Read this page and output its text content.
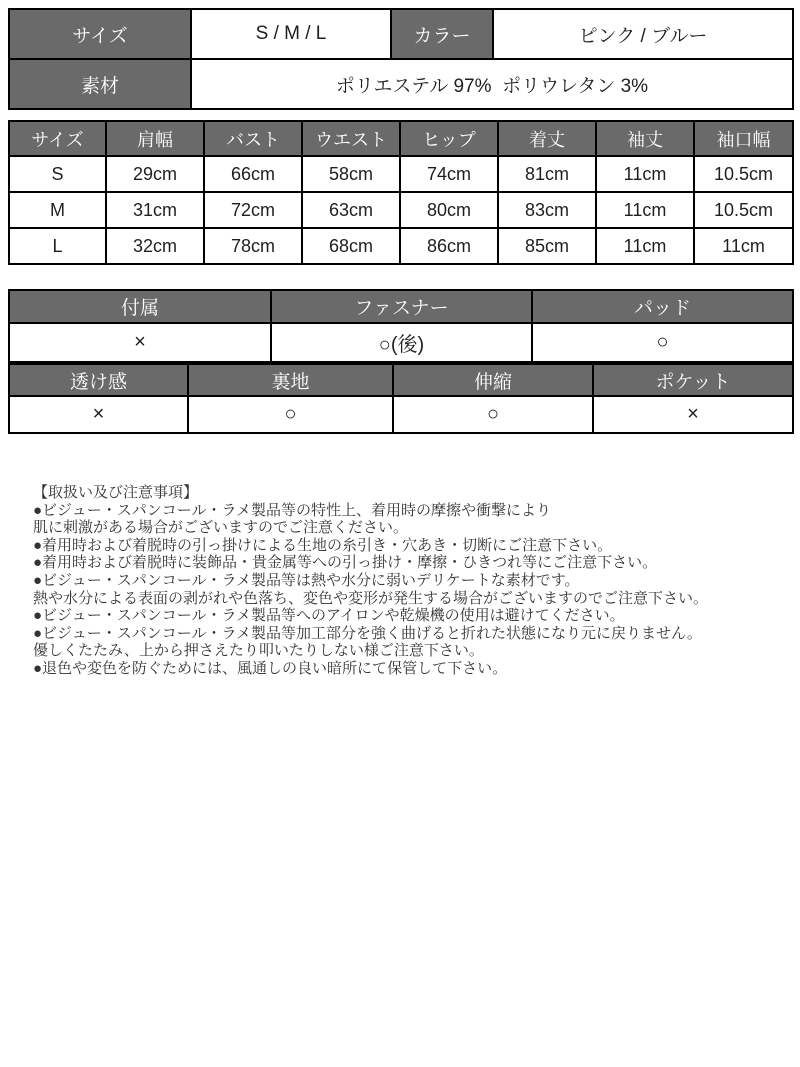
サイズ	S / M / L	カラー	ピンク / ブルー
素材	ポリエステル 97%  ポリウレタン 3%		
サイズ	肩幅	バスト	ウエスト	ヒップ	着丈	袖丈	袖口幅
S	29cm	66cm	58cm	74cm	81cm	11cm	10.5cm
M	31cm	72cm	63cm	80cm	83cm	11cm	10.5cm
L	32cm	78cm	68cm	86cm	85cm	11cm	11cm
付属	ファスナー	パッド
×	○(後)	○
透け感	裏地	伸縮	ポケット
×	○	○	×
【取扱い及び注意事項】
●ビジュー・スパンコール・ラメ製品等の特性上、着用時の摩擦や衝撃により
肌に刺激がある場合がございますのでご注意ください。
●着用時および着脱時の引っ掛けによる生地の糸引き・穴あき・切断にご注意下さい。
●着用時および着脱時に装飾品・貴金属等への引っ掛け・摩擦・ひきつれ等にご注意下さい。
●ビジュー・スパンコール・ラメ製品等は熱や水分に弱いデリケートな素材です。
熱や水分による表面の剥がれや色落ち、変色や変形が発生する場合がございますのでご注意下さい。
●ビジュー・スパンコール・ラメ製品等へのアイロンや乾燥機の使用は避けてください。
●ビジュー・スパンコール・ラメ製品等加工部分を強く曲げると折れた状態になり元に戻りません。
優しくたたみ、上から押さえたり叩いたりしない様ご注意下さい。
●退色や変色を防ぐためには、風通しの良い暗所にて保管して下さい。
